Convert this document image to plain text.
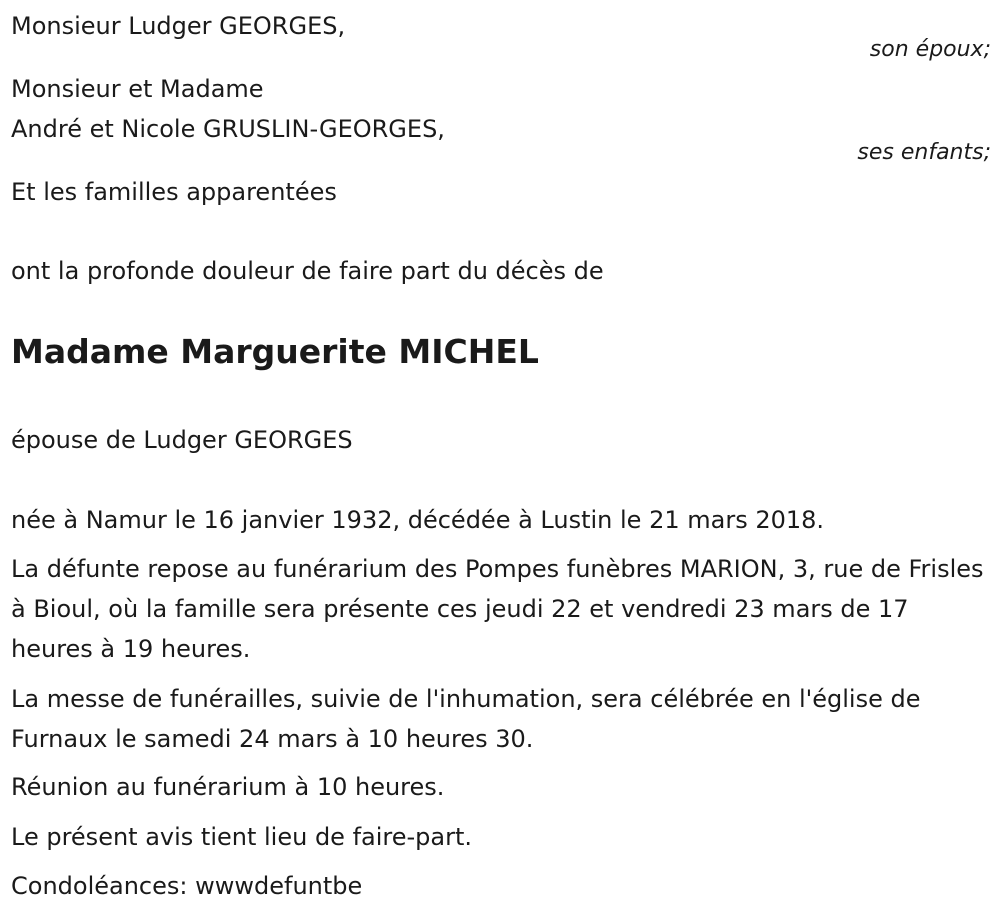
Monsieur Ludger GEORGES,
son époux;
Monsieur et Madame
André et Nicole GRUSLIN-GEORGES,
ses enfants;
Et les familles apparentées
ont la profonde douleur de faire part du décès de
Madame Marguerite MICHEL
épouse de Ludger GEORGES
née à Namur le 16 janvier 1932, décédée à Lustin le 21 mars 2018.
La défunte repose au funérarium des Pompes funèbres MARION, 3, rue de Frisles à Bioul, où la famille sera présente ces jeudi 22 et vendredi 23 mars de 17 heures à 19 heures.
La messe de funérailles, suivie de l'inhumation, sera célébrée en l'église de Furnaux le samedi 24 mars à 10 heures 30.
Réunion au funérarium à 10 heures.
Le présent avis tient lieu de faire-part.
Condoléances: wwwdefuntbe
